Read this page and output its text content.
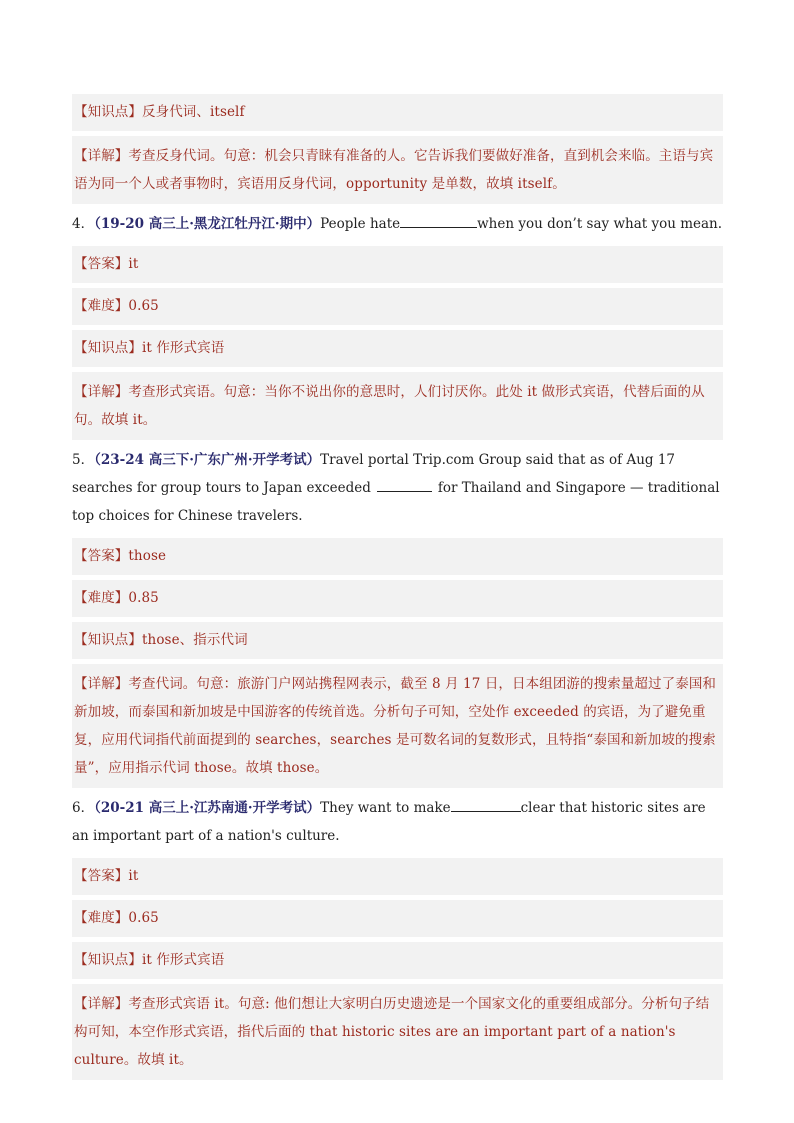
【知识点】反身代词、itself
【详解】考查反身代词。句意：机会只青睐有准备的人。它告诉我们要做好准备，直到机会来临。主语与宾语为同一个人或者事物时，宾语用反身代词，opportunity 是单数，故填 itself。
4．（19-20 高三上·黑龙江牡丹江·期中）People hate	when you don’t say what you mean.
【答案】it
【难度】0.65
【知识点】it 作形式宾语
【详解】考查形式宾语。句意：当你不说出你的意思时，人们讨厌你。此处 it 做形式宾语，代替后面的从句。故填 it。
5．（23-24 高三下·广东广州·开学考试）Travel portal Trip.com Group said that as of Aug 17 searches for group tours to Japan exceeded	for Thailand and Singapore — traditional top choices for Chinese travelers.
【答案】those
【难度】0.85
【知识点】those、指示代词
【详解】考查代词。句意：旅游门户网站携程网表示，截至 8 月 17 日，日本组团游的搜索量超过了泰国和新加坡，而泰国和新加坡是中国游客的传统首选。分析句子可知，空处作 exceeded 的宾语，为了避免重复，应用代词指代前面提到的 searches，searches 是可数名词的复数形式，且特指“泰国和新加坡的搜索量”，应用指示代词 those。故填 those。
6．（20-21 高三上·江苏南通·开学考试）They want to make	clear that historic sites are an important part of a nation's culture.
【答案】it
【难度】0.65
【知识点】it 作形式宾语
【详解】考查形式宾语 it。句意: 他们想让大家明白历史遗迹是一个国家文化的重要组成部分。分析句子结构可知，本空作形式宾语，指代后面的 that historic sites are an important part of a nation's culture。故填 it。
